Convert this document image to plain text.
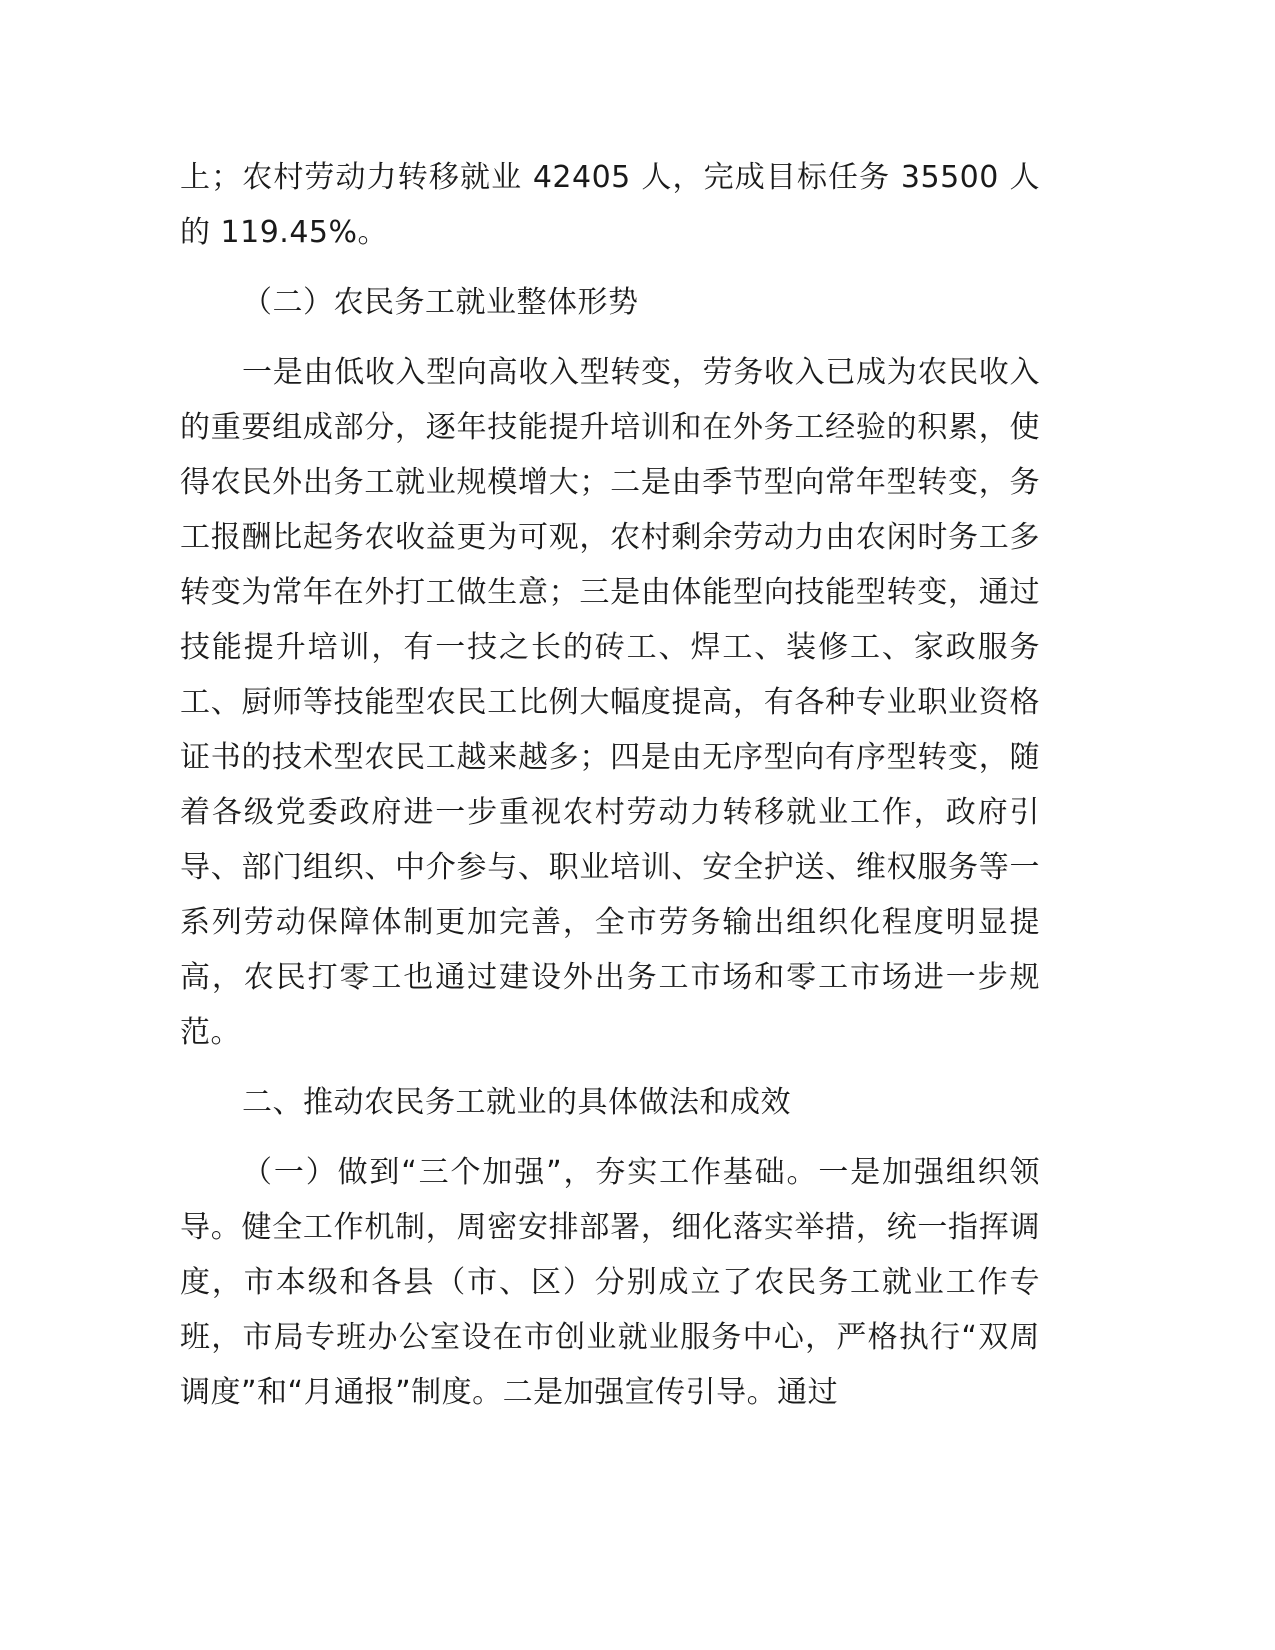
上；农村劳动力转移就业 42405 人，完成目标任务 35500 人的 119.45%。

（二）农民务工就业整体形势

一是由低收入型向高收入型转变，劳务收入已成为农民收入的重要组成部分，逐年技能提升培训和在外务工经验的积累，使得农民外出务工就业规模增大；二是由季节型向常年型转变，务工报酬比起务农收益更为可观，农村剩余劳动力由农闲时务工多转变为常年在外打工做生意；三是由体能型向技能型转变，通过技能提升培训，有一技之长的砖工、焊工、装修工、家政服务工、厨师等技能型农民工比例大幅度提高，有各种专业职业资格证书的技术型农民工越来越多；四是由无序型向有序型转变，随着各级党委政府进一步重视农村劳动力转移就业工作，政府引导、部门组织、中介参与、职业培训、安全护送、维权服务等一系列劳动保障体制更加完善，全市劳务输出组织化程度明显提高，农民打零工也通过建设外出务工市场和零工市场进一步规范。

二、推动农民务工就业的具体做法和成效

（一）做到“三个加强”，夯实工作基础。一是加强组织领导。健全工作机制，周密安排部署，细化落实举措，统一指挥调度，市本级和各县（市、区）分别成立了农民务工就业工作专班，市局专班办公室设在市创业就业服务中心，严格执行“双周调度”和“月通报”制度。二是加强宣传引导。通过
